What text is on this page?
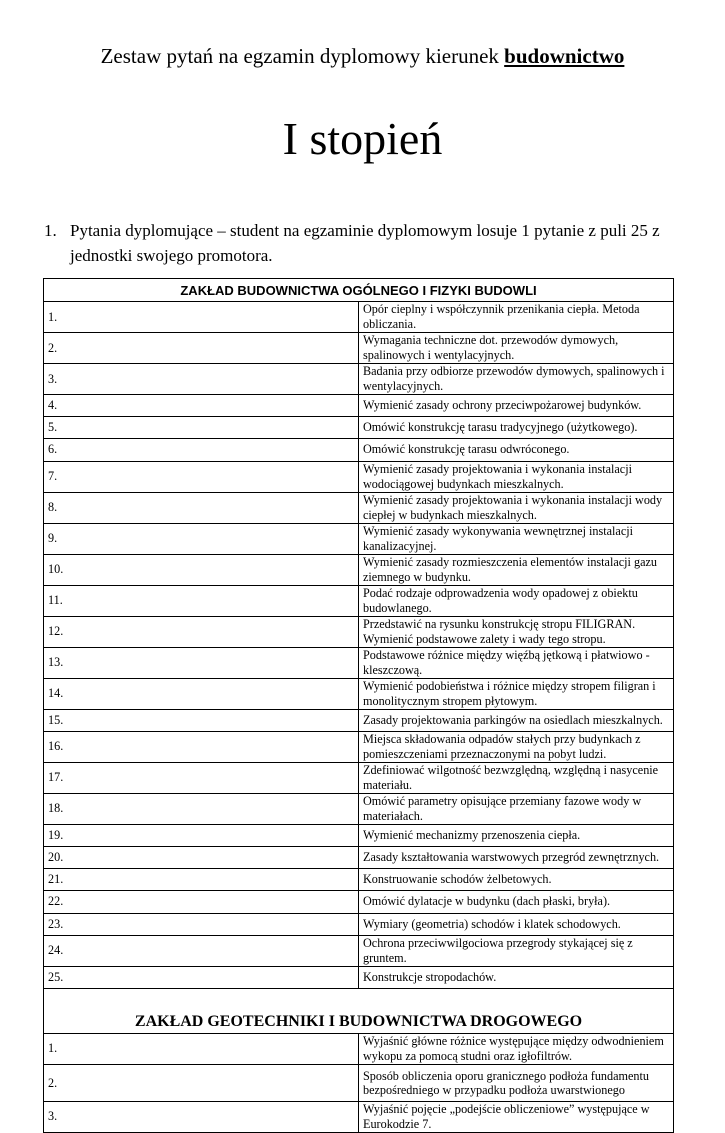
Zestaw pytań na egzamin dyplomowy kierunek budownictwo
I stopień
1. Pytania dyplomujące – student na egzaminie dyplomowym losuje 1 pytanie z puli 25 z jednostki swojego promotora.
ZAKŁAD BUDOWNICTWA OGÓLNEGO I FIZYKI BUDOWLI	
1.	Opór cieplny i współczynnik przenikania ciepła. Metoda obliczania.
2.	Wymagania techniczne dot. przewodów dymowych, spalinowych i wentylacyjnych.
3.	Badania przy odbiorze przewodów dymowych, spalinowych i wentylacyjnych.
4.	Wymienić zasady ochrony przeciwpożarowej budynków.
5.	Omówić konstrukcję tarasu tradycyjnego (użytkowego).
6.	Omówić konstrukcję tarasu odwróconego.
7.	Wymienić zasady projektowania i wykonania instalacji wodociągowej budynkach mieszkalnych.
8.	Wymienić zasady projektowania i wykonania instalacji wody ciepłej w budynkach mieszkalnych.
9.	Wymienić zasady wykonywania wewnętrznej instalacji kanalizacyjnej.
10.	Wymienić zasady rozmieszczenia elementów instalacji gazu ziemnego w budynku.
11.	Podać rodzaje odprowadzenia wody opadowej z obiektu budowlanego.
12.	Przedstawić na rysunku konstrukcję stropu FILIGRAN. Wymienić podstawowe zalety i wady tego stropu.
13.	Podstawowe różnice między więźbą jętkową i płatwiowo - kleszczową.
14.	Wymienić podobieństwa i różnice między stropem filigran i monolitycznym stropem płytowym.
15.	Zasady projektowania parkingów na osiedlach mieszkalnych.
16.	Miejsca składowania odpadów stałych przy budynkach z pomieszczeniami przeznaczonymi na pobyt ludzi.
17.	Zdefiniować wilgotność bezwzględną, względną i nasycenie materiału.
18.	Omówić parametry opisujące przemiany fazowe wody w materiałach.
19.	Wymienić mechanizmy przenoszenia ciepła.
20.	Zasady kształtowania warstwowych przegród zewnętrznych.
21.	Konstruowanie schodów żelbetowych.
22.	Omówić dylatacje w budynku (dach płaski, bryła).
23.	Wymiary (geometria) schodów i klatek schodowych.
24.	Ochrona przeciwwilgociowa przegrody stykającej się z gruntem.
25.	Konstrukcje stropodachów.
ZAKŁAD GEOTECHNIKI I BUDOWNICTWA DROGOWEGO	
1.	Wyjaśnić główne różnice występujące między odwodnieniem wykopu za pomocą studni oraz igłofiltrów.
2.	Sposób obliczenia oporu granicznego podłoża fundamentu bezpośredniego w przypadku podłoża uwarstwionego
3.	Wyjaśnić pojęcie „podejście obliczeniowe” występujące w Eurokodzie 7.
